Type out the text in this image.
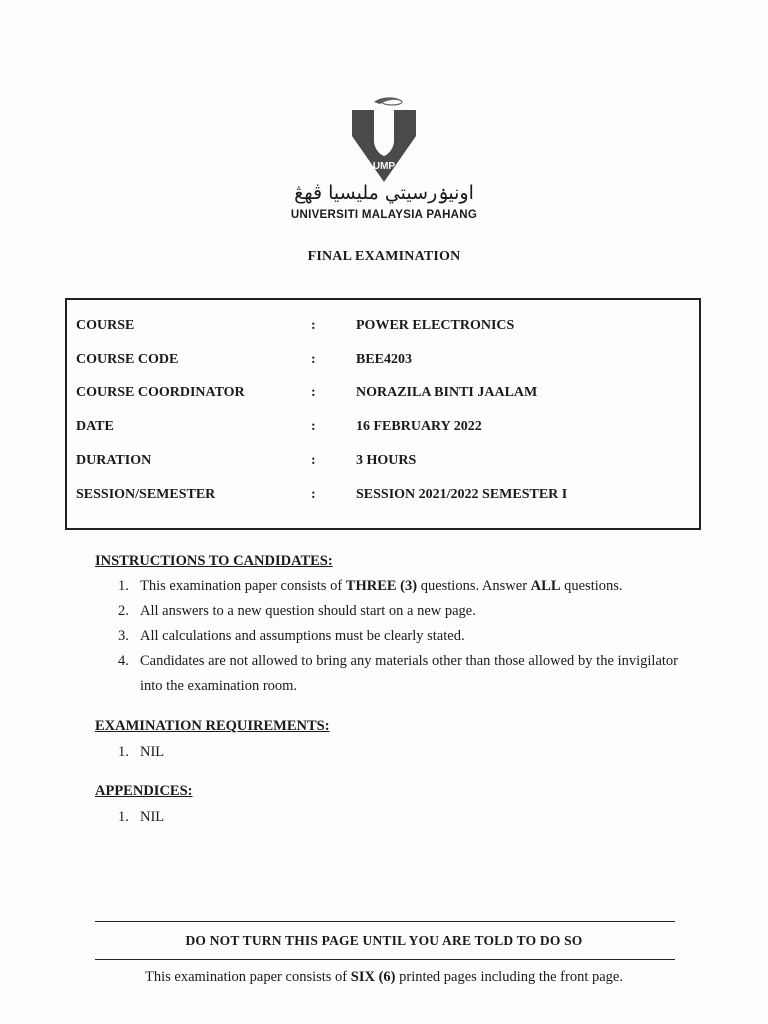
UMP
اونيۏرسيتي مليسيا ڤهڠ
UNIVERSITI MALAYSIA PAHANG
FINAL EXAMINATION
COURSE	:	POWER ELECTRONICS
COURSE CODE	:	BEE4203
COURSE COORDINATOR	:	NORAZILA BINTI JAALAM
DATE	:	16 FEBRUARY 2022
DURATION	:	3 HOURS
SESSION/SEMESTER	:	SESSION 2021/2022 SEMESTER I
INSTRUCTIONS TO CANDIDATES:
1. This examination paper consists of THREE (3) questions. Answer ALL questions.
2. All answers to a new question should start on a new page.
3. All calculations and assumptions must be clearly stated.
4. Candidates are not allowed to bring any materials other than those allowed by the invigilator into the examination room.
EXAMINATION REQUIREMENTS:
1. NIL
APPENDICES:
1. NIL
DO NOT TURN THIS PAGE UNTIL YOU ARE TOLD TO DO SO
This examination paper consists of SIX (6) printed pages including the front page.
